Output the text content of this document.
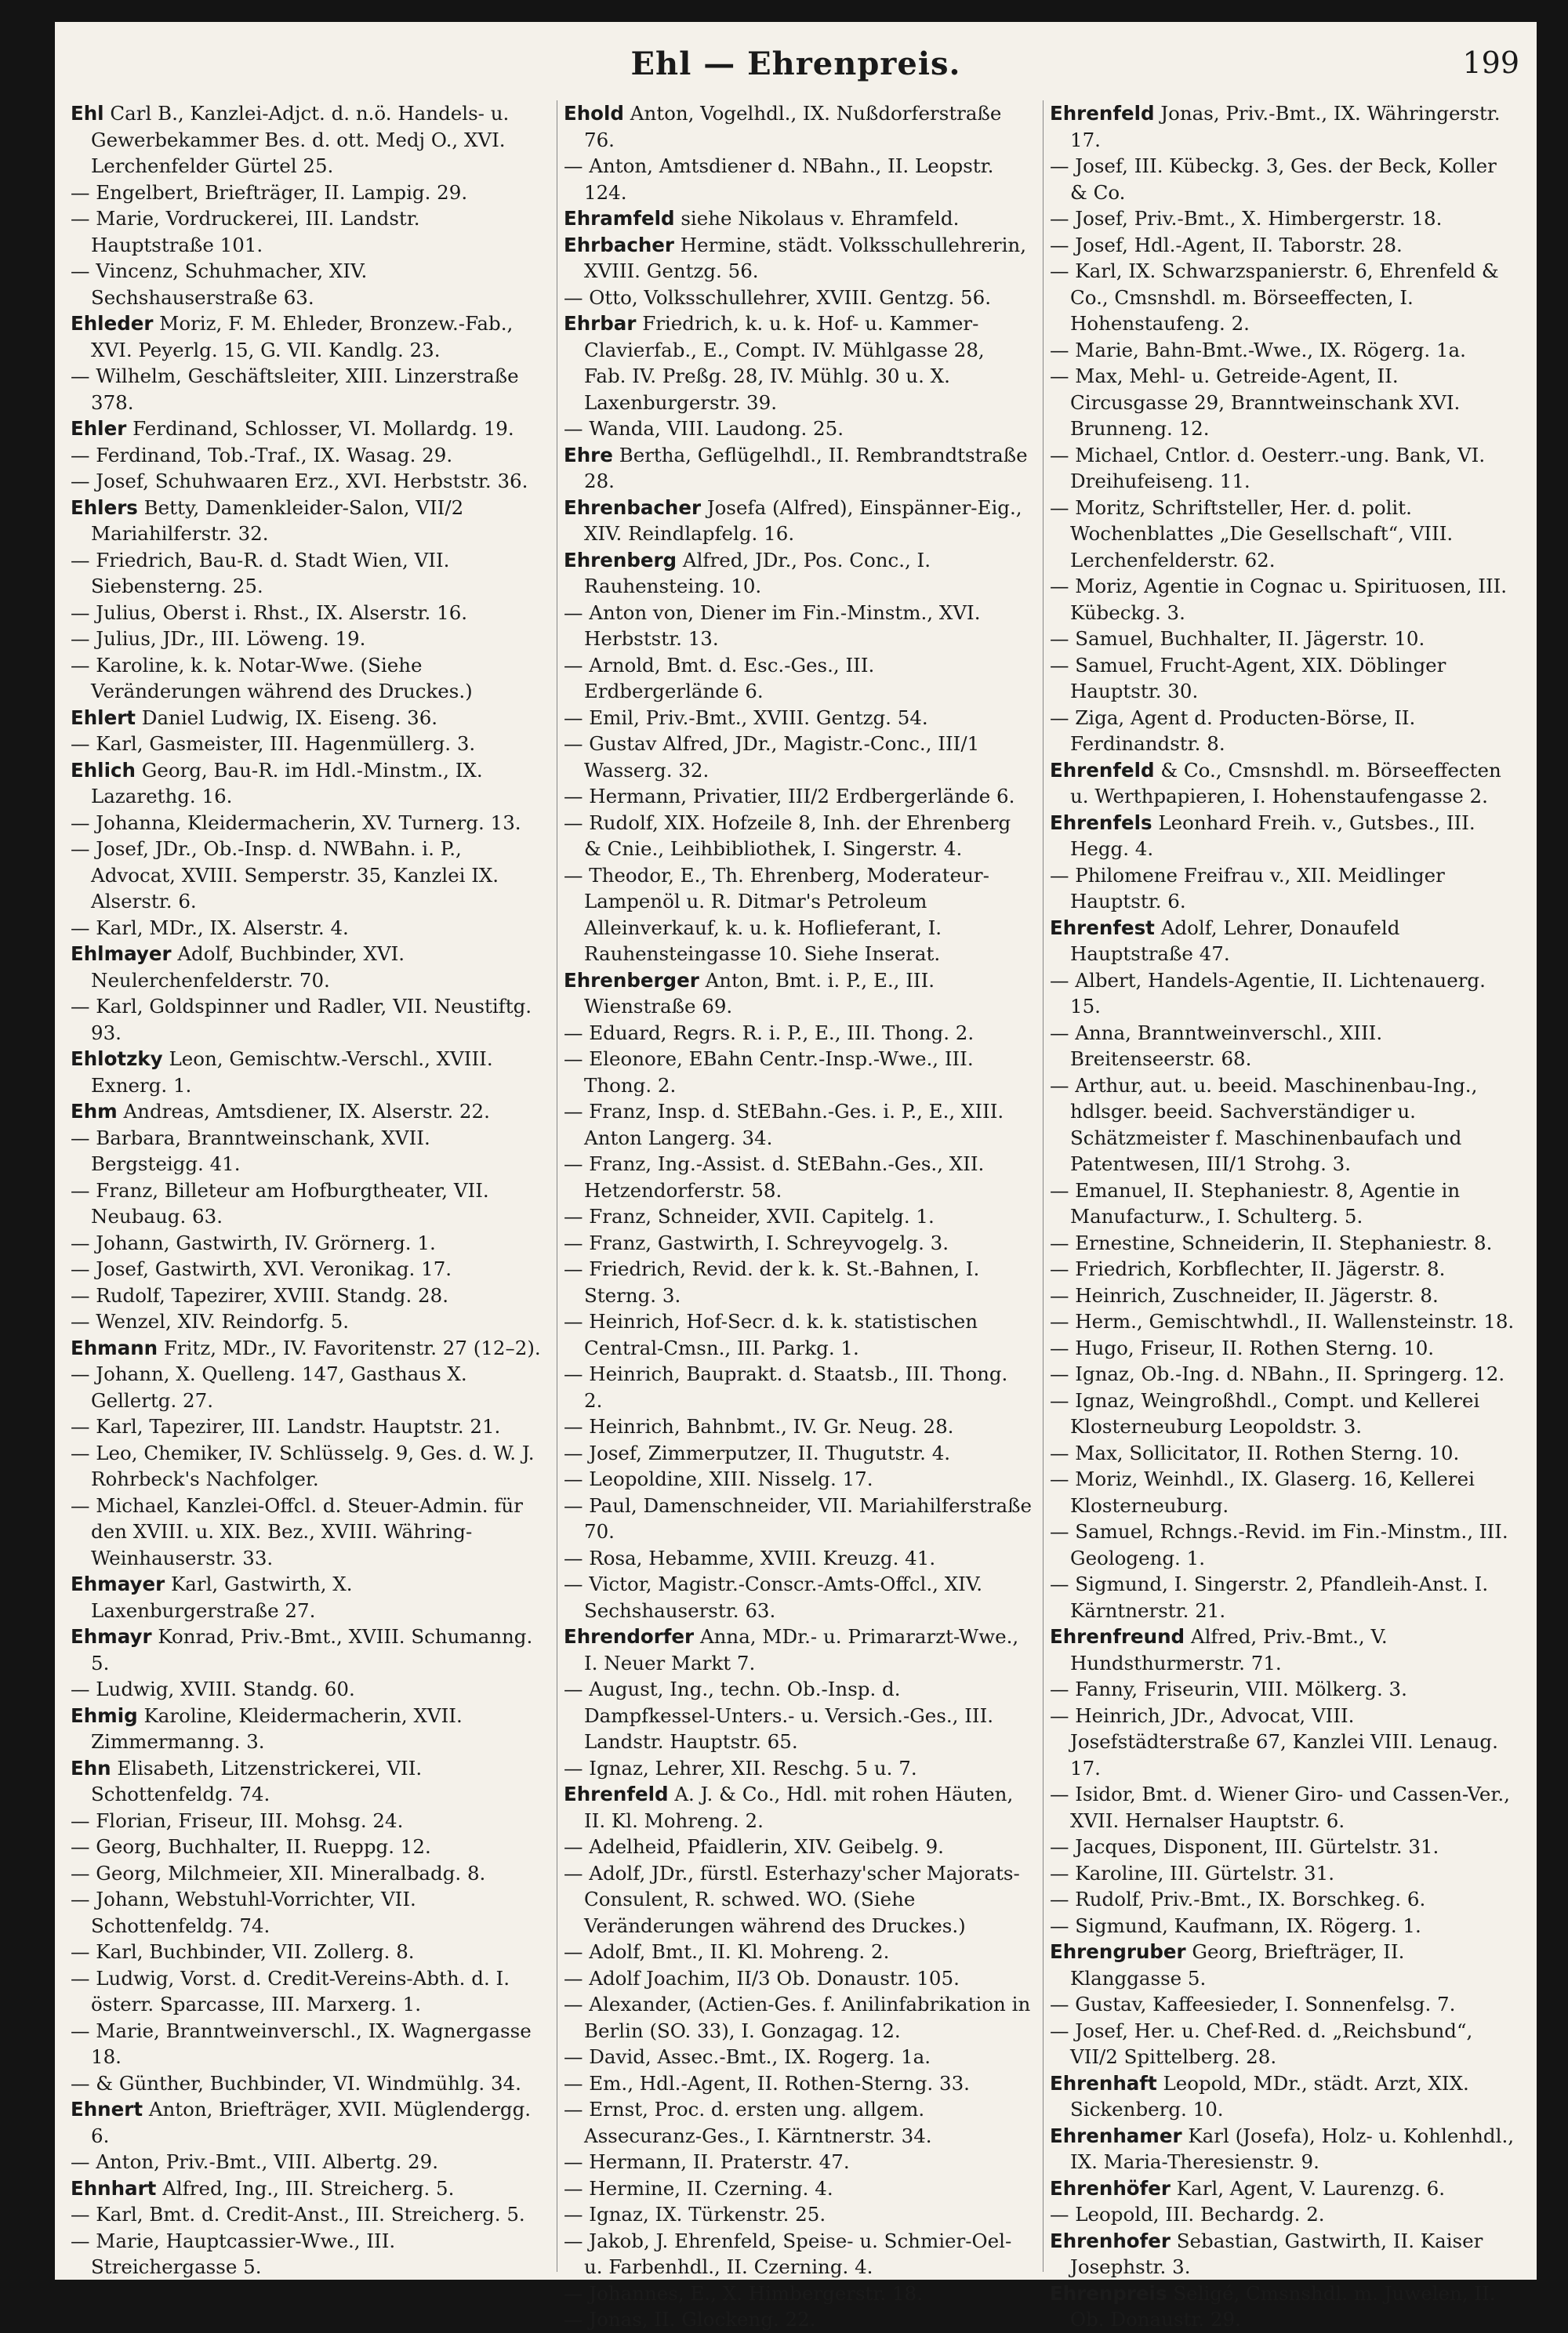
Ehl — Ehrenpreis.	199

Ehl Carl B., Kanzlei-Adjct. d. n.ö. Handels- u. Gewerbekammer Bes. d. ott. Medj O., XVI. Lerchenfelder Gürtel 25.

— Engelbert, Briefträger, II. Lampig. 29.

— Marie, Vordruckerei, III. Landstr. Hauptstraße 101.

— Vincenz, Schuhmacher, XIV. Sechshauserstraße 63.

Ehleder Moriz, F. M. Ehleder, Bronzew.-Fab., XVI. Peyerlg. 15, G. VII. Kandlg. 23.

— Wilhelm, Geschäftsleiter, XIII. Linzerstraße 378.

Ehler Ferdinand, Schlosser, VI. Mollardg. 19.

— Ferdinand, Tob.-Traf., IX. Wasag. 29.

— Josef, Schuhwaaren Erz., XVI. Herbststr. 36.

Ehlers Betty, Damenkleider-Salon, VII/2 Mariahilferstr. 32.

— Friedrich, Bau-R. d. Stadt Wien, VII. Siebensterng. 25.

— Julius, Oberst i. Rhst., IX. Alserstr. 16.

— Julius, JDr., III. Löweng. 19.

— Karoline, k. k. Notar-Wwe. (Siehe Veränderungen während des Druckes.)

Ehlert Daniel Ludwig, IX. Eiseng. 36.

— Karl, Gasmeister, III. Hagenmüllerg. 3.

Ehlich Georg, Bau-R. im Hdl.-Minstm., IX. Lazarethg. 16.

— Johanna, Kleidermacherin, XV. Turnerg. 13.

— Josef, JDr., Ob.-Insp. d. NWBahn. i. P., Advocat, XVIII. Semperstr. 35, Kanzlei IX. Alserstr. 6.

— Karl, MDr., IX. Alserstr. 4.

Ehlmayer Adolf, Buchbinder, XVI. Neulerchenfelderstr. 70.

— Karl, Goldspinner und Radler, VII. Neustiftg. 93.

Ehlotzky Leon, Gemischtw.-Verschl., XVIII. Exnerg. 1.

Ehm Andreas, Amtsdiener, IX. Alserstr. 22.

— Barbara, Branntweinschank, XVII. Bergsteigg. 41.

— Franz, Billeteur am Hofburgtheater, VII. Neubaug. 63.

— Johann, Gastwirth, IV. Grörnerg. 1.

— Josef, Gastwirth, XVI. Veronikag. 17.

— Rudolf, Tapezirer, XVIII. Standg. 28.

— Wenzel, XIV. Reindorfg. 5.

Ehmann Fritz, MDr., IV. Favoritenstr. 27 (12–2).

— Johann, X. Quelleng. 147, Gasthaus X. Gellertg. 27.

— Karl, Tapezirer, III. Landstr. Hauptstr. 21.

— Leo, Chemiker, IV. Schlüsselg. 9, Ges. d. W. J. Rohrbeck's Nachfolger.

— Michael, Kanzlei-Offcl. d. Steuer-Admin. für den XVIII. u. XIX. Bez., XVIII. Währing-Weinhauserstr. 33.

Ehmayer Karl, Gastwirth, X. Laxenburgerstraße 27.

Ehmayr Konrad, Priv.-Bmt., XVIII. Schumanng. 5.

— Ludwig, XVIII. Standg. 60.

Ehmig Karoline, Kleidermacherin, XVII. Zimmermanng. 3.

Ehn Elisabeth, Litzenstrickerei, VII. Schottenfeldg. 74.

— Florian, Friseur, III. Mohsg. 24.

— Georg, Buchhalter, II. Rueppg. 12.

— Georg, Milchmeier, XII. Mineralbadg. 8.

— Johann, Webstuhl-Vorrichter, VII. Schottenfeldg. 74.

— Karl, Buchbinder, VII. Zollerg. 8.

— Ludwig, Vorst. d. Credit-Vereins-Abth. d. I. österr. Sparcasse, III. Marxerg. 1.

— Marie, Branntweinverschl., IX. Wagnergasse 18.

— & Günther, Buchbinder, VI. Windmühlg. 34.

Ehnert Anton, Briefträger, XVII. Müglendergg. 6.

— Anton, Priv.-Bmt., VIII. Albertg. 29.

Ehnhart Alfred, Ing., III. Streicherg. 5.

— Karl, Bmt. d. Credit-Anst., III. Streicherg. 5.

— Marie, Hauptcassier-Wwe., III. Streichergasse 5.

Ehold Anton, Vogelhdl., IX. Nußdorferstraße 76.

— Anton, Amtsdiener d. NBahn., II. Leopstr. 124.

Ehramfeld siehe Nikolaus v. Ehramfeld.

Ehrbacher Hermine, städt. Volksschullehrerin, XVIII. Gentzg. 56.

— Otto, Volksschullehrer, XVIII. Gentzg. 56.

Ehrbar Friedrich, k. u. k. Hof- u. Kammer-Clavierfab., E., Compt. IV. Mühlgasse 28, Fab. IV. Preßg. 28, IV. Mühlg. 30 u. X. Laxenburgerstr. 39.

— Wanda, VIII. Laudong. 25.

Ehre Bertha, Geflügelhdl., II. Rembrandtstraße 28.

Ehrenbacher Josefa (Alfred), Einspänner-Eig., XIV. Reindlapfelg. 16.

Ehrenberg Alfred, JDr., Pos. Conc., I. Rauhensteing. 10.

— Anton von, Diener im Fin.-Minstm., XVI. Herbststr. 13.

— Arnold, Bmt. d. Esc.-Ges., III. Erdbergerlände 6.

— Emil, Priv.-Bmt., XVIII. Gentzg. 54.

— Gustav Alfred, JDr., Magistr.-Conc., III/1 Wasserg. 32.

— Hermann, Privatier, III/2 Erdbergerlände 6.

— Rudolf, XIX. Hofzeile 8, Inh. der Ehrenberg & Cnie., Leihbibliothek, I. Singerstr. 4.

— Theodor, E., Th. Ehrenberg, Moderateur-Lampenöl u. R. Ditmar's Petroleum Alleinverkauf, k. u. k. Hoflieferant, I. Rauhensteingasse 10. Siehe Inserat.

Ehrenberger Anton, Bmt. i. P., E., III. Wienstraße 69.

— Eduard, Regrs. R. i. P., E., III. Thong. 2.

— Eleonore, EBahn Centr.-Insp.-Wwe., III. Thong. 2.

— Franz, Insp. d. StEBahn.-Ges. i. P., E., XIII. Anton Langerg. 34.

— Franz, Ing.-Assist. d. StEBahn.-Ges., XII. Hetzendorferstr. 58.

— Franz, Schneider, XVII. Capitelg. 1.

— Franz, Gastwirth, I. Schreyvogelg. 3.

— Friedrich, Revid. der k. k. St.-Bahnen, I. Sterng. 3.

— Heinrich, Hof-Secr. d. k. k. statistischen Central-Cmsn., III. Parkg. 1.

— Heinrich, Bauprakt. d. Staatsb., III. Thong. 2.

— Heinrich, Bahnbmt., IV. Gr. Neug. 28.

— Josef, Zimmerputzer, II. Thugutstr. 4.

— Leopoldine, XIII. Nisselg. 17.

— Paul, Damenschneider, VII. Mariahilferstraße 70.

— Rosa, Hebamme, XVIII. Kreuzg. 41.

— Victor, Magistr.-Conscr.-Amts-Offcl., XIV. Sechshauserstr. 63.

Ehrendorfer Anna, MDr.- u. Primararzt-Wwe., I. Neuer Markt 7.

— August, Ing., techn. Ob.-Insp. d. Dampfkessel-Unters.- u. Versich.-Ges., III. Landstr. Hauptstr. 65.

— Ignaz, Lehrer, XII. Reschg. 5 u. 7.

Ehrenfeld A. J. & Co., Hdl. mit rohen Häuten, II. Kl. Mohreng. 2.

— Adelheid, Pfaidlerin, XIV. Geibelg. 9.

— Adolf, JDr., fürstl. Esterhazy'scher Majorats-Consulent, R. schwed. WO. (Siehe Veränderungen während des Druckes.)

— Adolf, Bmt., II. Kl. Mohreng. 2.

— Adolf Joachim, II/3 Ob. Donaustr. 105.

— Alexander, (Actien-Ges. f. Anilinfabrikation in Berlin (SO. 33), I. Gonzagag. 12.

— David, Assec.-Bmt., IX. Rogerg. 1a.

— Em., Hdl.-Agent, II. Rothen-Sterng. 33.

— Ernst, Proc. d. ersten ung. allgem. Assecuranz-Ges., I. Kärntnerstr. 34.

— Hermann, II. Praterstr. 47.

— Hermine, II. Czerning. 4.

— Ignaz, IX. Türkenstr. 25.

— Jakob, J. Ehrenfeld, Speise- u. Schmier-Oel- u. Farbenhdl., II. Czerning. 4.

— Johannes, E., X. Himbergerstr. 18.

— Jonas, II. Glockeng. 22.

Ehrenfeld Jonas, Priv.-Bmt., IX. Währingerstr. 17.

— Josef, III. Kübeckg. 3, Ges. der Beck, Koller & Co.

— Josef, Priv.-Bmt., X. Himbergerstr. 18.

— Josef, Hdl.-Agent, II. Taborstr. 28.

— Karl, IX. Schwarzspanierstr. 6, Ehrenfeld & Co., Cmsnshdl. m. Börseeffecten, I. Hohenstaufeng. 2.

— Marie, Bahn-Bmt.-Wwe., IX. Rögerg. 1a.

— Max, Mehl- u. Getreide-Agent, II. Circusgasse 29, Branntweinschank XVI. Brunneng. 12.

— Michael, Cntlor. d. Oesterr.-ung. Bank, VI. Dreihufeiseng. 11.

— Moritz, Schriftsteller, Her. d. polit. Wochenblattes „Die Gesellschaft“, VIII. Lerchenfelderstr. 62.

— Moriz, Agentie in Cognac u. Spirituosen, III. Kübeckg. 3.

— Samuel, Buchhalter, II. Jägerstr. 10.

— Samuel, Frucht-Agent, XIX. Döblinger Hauptstr. 30.

— Ziga, Agent d. Producten-Börse, II. Ferdinandstr. 8.

Ehrenfeld & Co., Cmsnshdl. m. Börseeffecten u. Werthpapieren, I. Hohenstaufengasse 2.

Ehrenfels Leonhard Freih. v., Gutsbes., III. Hegg. 4.

— Philomene Freifrau v., XII. Meidlinger Hauptstr. 6.

Ehrenfest Adolf, Lehrer, Donaufeld Hauptstraße 47.

— Albert, Handels-Agentie, II. Lichtenauerg. 15.

— Anna, Branntweinverschl., XIII. Breitenseerstr. 68.

— Arthur, aut. u. beeid. Maschinenbau-Ing., hdlsger. beeid. Sachverständiger u. Schätzmeister f. Maschinenbaufach und Patentwesen, III/1 Strohg. 3.

— Emanuel, II. Stephaniestr. 8, Agentie in Manufacturw., I. Schulterg. 5.

— Ernestine, Schneiderin, II. Stephaniestr. 8.

— Friedrich, Korbflechter, II. Jägerstr. 8.

— Heinrich, Zuschneider, II. Jägerstr. 8.

— Herm., Gemischtwhdl., II. Wallensteinstr. 18.

— Hugo, Friseur, II. Rothen Sterng. 10.

— Ignaz, Ob.-Ing. d. NBahn., II. Springerg. 12.

— Ignaz, Weingroßhdl., Compt. und Kellerei Klosterneuburg Leopoldstr. 3.

— Max, Sollicitator, II. Rothen Sterng. 10.

— Moriz, Weinhdl., IX. Glaserg. 16, Kellerei Klosterneuburg.

— Samuel, Rchngs.-Revid. im Fin.-Minstm., III. Geologeng. 1.

— Sigmund, I. Singerstr. 2, Pfandleih-Anst. I. Kärntnerstr. 21.

Ehrenfreund Alfred, Priv.-Bmt., V. Hundsthurmerstr. 71.

— Fanny, Friseurin, VIII. Mölkerg. 3.

— Heinrich, JDr., Advocat, VIII. Josefstädterstraße 67, Kanzlei VIII. Lenaug. 17.

— Isidor, Bmt. d. Wiener Giro- und Cassen-Ver., XVII. Hernalser Hauptstr. 6.

— Jacques, Disponent, III. Gürtelstr. 31.

— Karoline, III. Gürtelstr. 31.

— Rudolf, Priv.-Bmt., IX. Borschkeg. 6.

— Sigmund, Kaufmann, IX. Rögerg. 1.

Ehrengruber Georg, Briefträger, II. Klanggasse 5.

— Gustav, Kaffeesieder, I. Sonnenfelsg. 7.

— Josef, Her. u. Chef-Red. d. „Reichsbund“, VII/2 Spittelberg. 28.

Ehrenhaft Leopold, MDr., städt. Arzt, XIX. Sickenberg. 10.

Ehrenhamer Karl (Josefa), Holz- u. Kohlenhdl., IX. Maria-Theresienstr. 9.

Ehrenhöfer Karl, Agent, V. Laurenzg. 6.

— Leopold, III. Bechardg. 2.

Ehrenhofer Sebastian, Gastwirth, II. Kaiser Josephstr. 3.

Ehrenpreis Seligé, Cmsnshdl. m. Juwelen, II. Ob. Donaustr. 29.
